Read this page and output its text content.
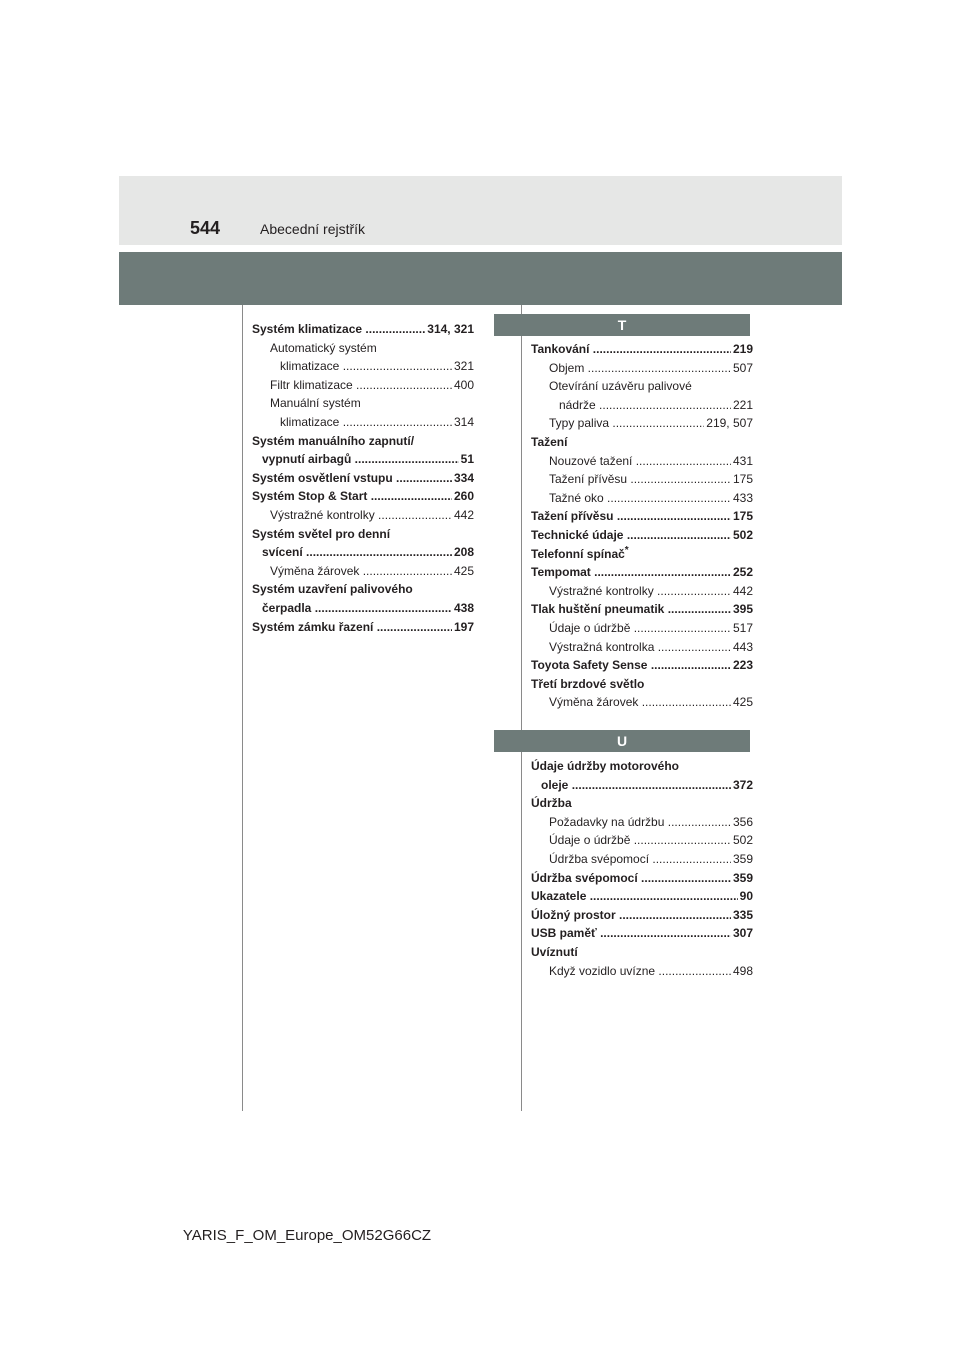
544	Abecední rejstřík
Systém klimatizace .....	314, 321
Automatický systém
klimatizace .....	321
Filtr klimatizace .....	400
Manuální systém
klimatizace .....	314
Systém manuálního zapnutí/
vypnutí airbagů .....	51
Systém osvětlení vstupu .....	334
Systém Stop & Start .....	260
Výstražné kontrolky .....	442
Systém světel pro denní
svícení .....	208
Výměna žárovek .....	425
Systém uzavření palivového
čerpadla .....	438
Systém zámku řazení .....	197
T
Tankování .....	219
Objem .....	507
Otevírání uzávěru palivové
nádrže .....	221
Typy paliva .....	219, 507
Tažení
Nouzové tažení .....	431
Tažení přívěsu .....	175
Tažné oko .....	433
Tažení přívěsu .....	175
Technické údaje .....	502
Telefonní spínač*
Tempomat .....	252
Výstražné kontrolky .....	442
Tlak huštění pneumatik .....	395
Údaje o údržbě .....	517
Výstražná kontrolka .....	443
Toyota Safety Sense .....	223
Třetí brzdové světlo
Výměna žárovek .....	425
U
Údaje údržby motorového
oleje .....	372
Údržba
Požadavky na údržbu .....	356
Údaje o údržbě .....	502
Údržba svépomocí .....	359
Údržba svépomocí .....	359
Ukazatele .....	90
Úložný prostor .....	335
USB paměť .....	307
Uvíznutí
Když vozidlo uvízne .....	498
YARIS_F_OM_Europe_OM52G66CZ
